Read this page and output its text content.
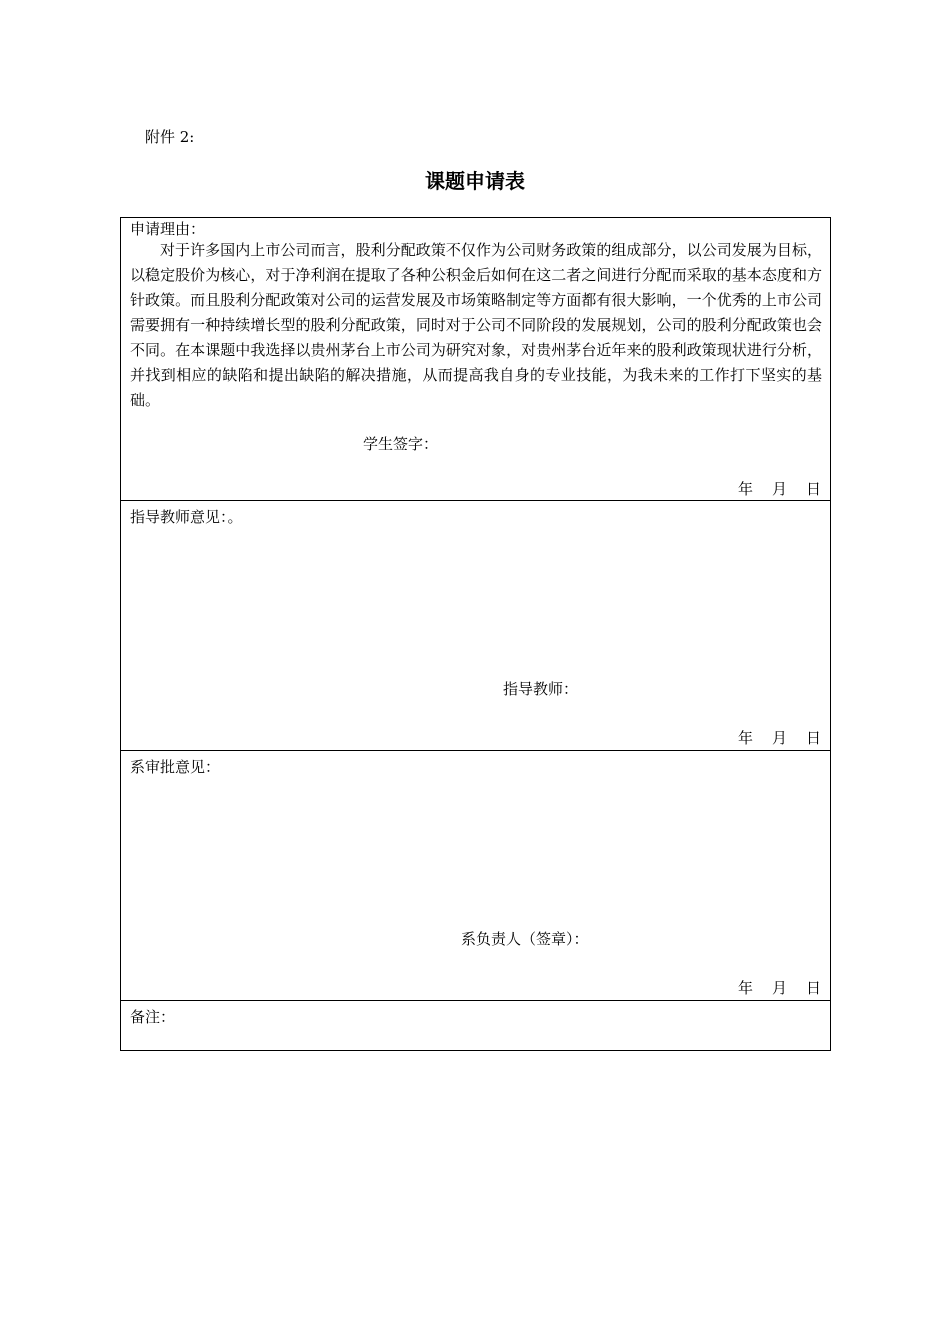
附件 2:
课题申请表
申请理由：
对于许多国内上市公司而言，股利分配政策不仅作为公司财务政策的组成部分，以公司发展为目标，以稳定股价为核心，对于净利润在提取了各种公积金后如何在这二者之间进行分配而采取的基本态度和方针政策。而且股利分配政策对公司的运营发展及市场策略制定等方面都有很大影响，一个优秀的上市公司需要拥有一种持续增长型的股利分配政策，同时对于公司不同阶段的发展规划，公司的股利分配政策也会不同。在本课题中我选择以贵州茅台上市公司为研究对象，对贵州茅台近年来的股利政策现状进行分析，并找到相应的缺陷和提出缺陷的解决措施，从而提高我自身的专业技能，为我未来的工作打下坚实的基础。
学生签字：
年 月 日
指导教师意见：。
指导教师：
年 月 日
系审批意见：
系负责人（签章）：
年 月 日
备注：
